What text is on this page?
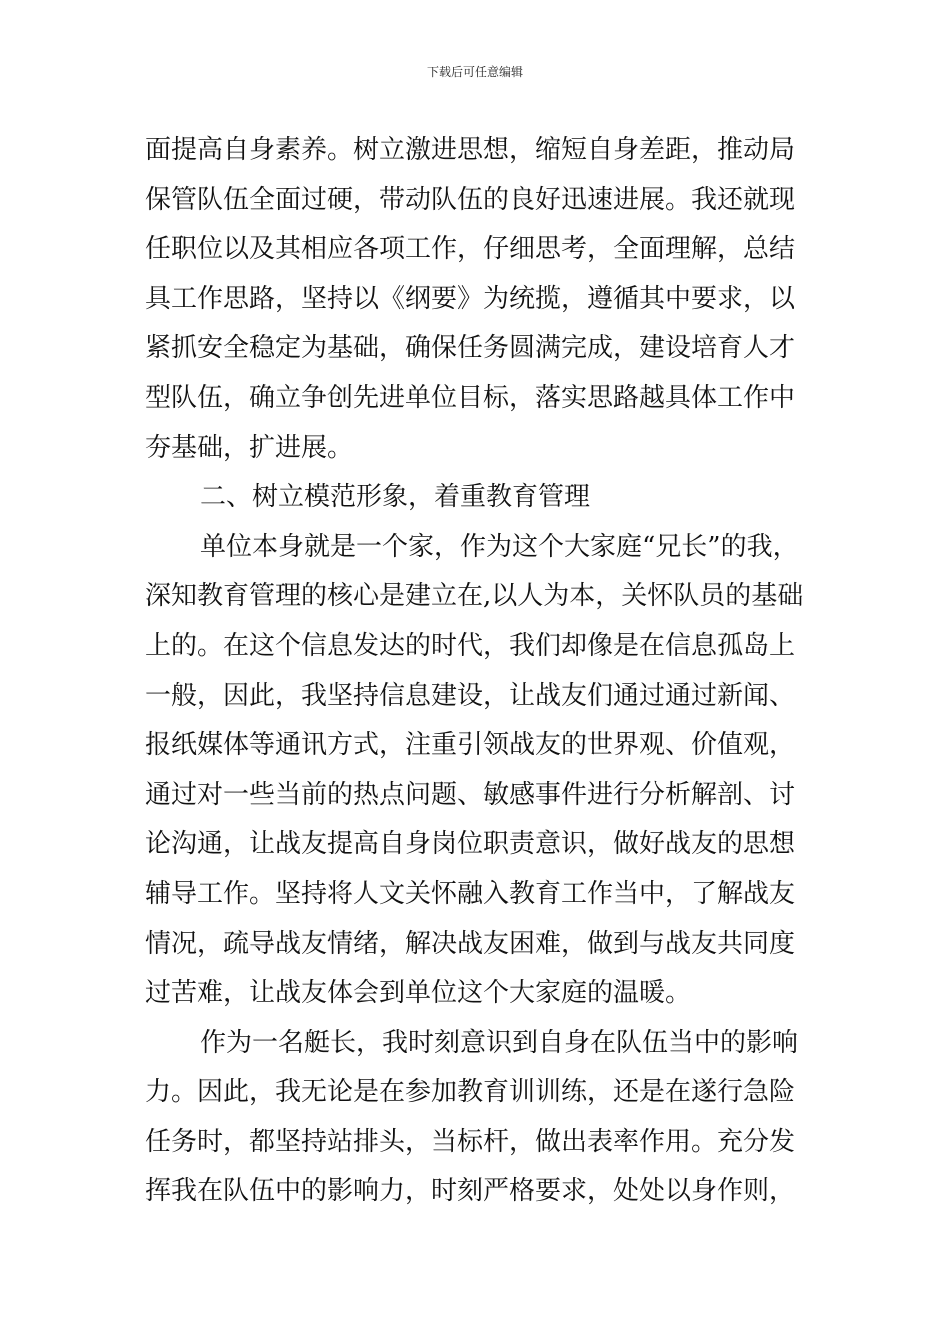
下载后可任意编辑
面提高自身素养。树立激进思想，缩短自身差距，推动局
保管队伍全面过硬，带动队伍的良好迅速进展。我还就现
任职位以及其相应各项工作，仔细思考，全面理解，总结
具工作思路，坚持以《纲要》为统揽，遵循其中要求，以
紧抓安全稳定为基础，确保任务圆满完成，建设培育人才
型队伍，确立争创先进单位目标，落实思路越具体工作中
夯基础，扩进展。
二、树立模范形象，着重教育管理
单位本身就是一个家，作为这个大家庭“兄长”的我，
深知教育管理的核心是建立在,以人为本，关怀队员的基础
上的。在这个信息发达的时代，我们却像是在信息孤岛上
一般，因此，我坚持信息建设，让战友们通过通过新闻、
报纸媒体等通讯方式，注重引领战友的世界观、价值观，
通过对一些当前的热点问题、敏感事件进行分析解剖、讨
论沟通，让战友提高自身岗位职责意识，做好战友的思想
辅导工作。坚持将人文关怀融入教育工作当中，了解战友
情况，疏导战友情绪，解决战友困难，做到与战友共同度
过苦难，让战友体会到单位这个大家庭的温暖。
作为一名艇长，我时刻意识到自身在队伍当中的影响
力。因此，我无论是在参加教育训训练，还是在遂行急险
任务时，都坚持站排头，当标杆，做出表率作用。充分发
挥我在队伍中的影响力，时刻严格要求，处处以身作则，
